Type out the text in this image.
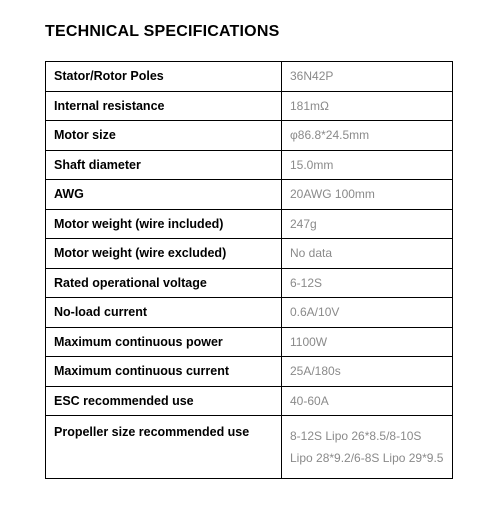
TECHNICAL SPECIFICATIONS
Stator/Rotor Poles	36N42P
Internal resistance	181mΩ
Motor size	φ86.8*24.5mm
Shaft diameter	15.0mm
AWG	20AWG 100mm
Motor weight (wire included)	247g
Motor weight (wire excluded)	No data
Rated operational voltage	6-12S
No-load current	0.6A/10V
Maximum continuous power	1100W
Maximum continuous current	25A/180s
ESC recommended use	40-60A
Propeller size recommended use	8-12S Lipo 26*8.5/8-10S
Lipo 28*9.2/6-8S Lipo 29*9.5
